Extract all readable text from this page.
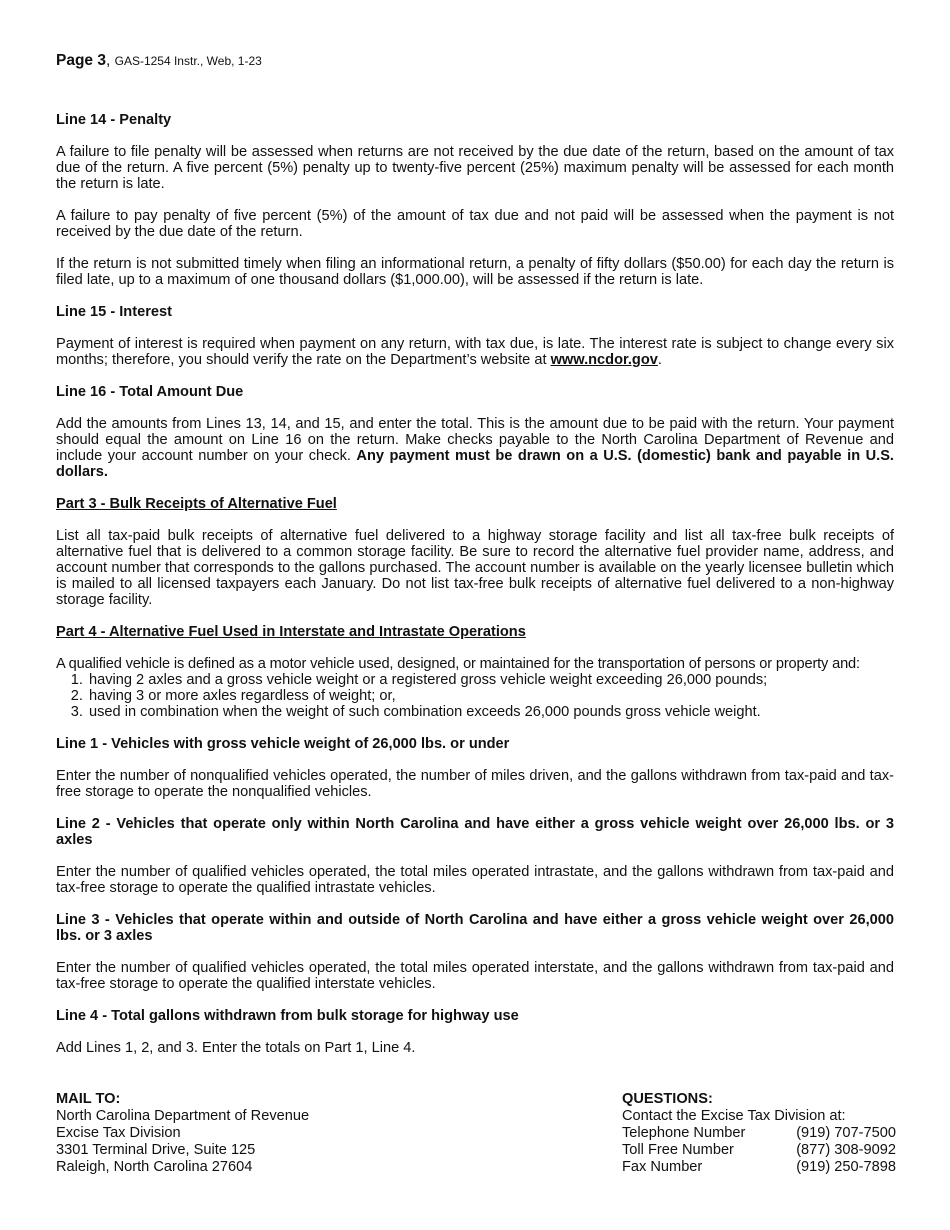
Page 3, GAS-1254 Instr., Web, 1-23
Line 14 - Penalty

A failure to file penalty will be assessed when returns are not received by the due date of the return, based on the amount of tax due of the return. A five percent (5%) penalty up to twenty-five percent (25%) maximum penalty will be assessed for each month the return is late.

A failure to pay penalty of five percent (5%) of the amount of tax due and not paid will be assessed when the payment is not received by the due date of the return.

If the return is not submitted timely when filing an informational return, a penalty of fifty dollars ($50.00) for each day the return is filed late, up to a maximum of one thousand dollars ($1,000.00), will be assessed if the return is late.

Line 15 - Interest

Payment of interest is required when payment on any return, with tax due, is late. The interest rate is subject to change every six months; therefore, you should verify the rate on the Department’s website at www.ncdor.gov.

Line 16 - Total Amount Due

Add the amounts from Lines 13, 14, and 15, and enter the total. This is the amount due to be paid with the return. Your payment should equal the amount on Line 16 on the return. Make checks payable to the North Carolina Department of Revenue and include your account number on your check. Any payment must be drawn on a U.S. (domestic) bank and payable in U.S. dollars.

Part 3 - Bulk Receipts of Alternative Fuel

List all tax-paid bulk receipts of alternative fuel delivered to a highway storage facility and list all tax-free bulk receipts of alternative fuel that is delivered to a common storage facility. Be sure to record the alternative fuel provider name, address, and account number that corresponds to the gallons purchased. The account number is available on the yearly licensee bulletin which is mailed to all licensed taxpayers each January. Do not list tax-free bulk receipts of alternative fuel delivered to a non-highway storage facility.

Part 4 - Alternative Fuel Used in Interstate and Intrastate Operations

A qualified vehicle is defined as a motor vehicle used, designed, or maintained for the transportation of persons or property and:

1. having 2 axles and a gross vehicle weight or a registered gross vehicle weight exceeding 26,000 pounds;
2. having 3 or more axles regardless of weight; or,
3. used in combination when the weight of such combination exceeds 26,000 pounds gross vehicle weight.
Line 1 - Vehicles with gross vehicle weight of 26,000 lbs. or under

Enter the number of nonqualified vehicles operated, the number of miles driven, and the gallons withdrawn from tax-paid and tax-free storage to operate the nonqualified vehicles.

Line 2 - Vehicles that operate only within North Carolina and have either a gross vehicle weight over 26,000 lbs. or 3 axles

Enter the number of qualified vehicles operated, the total miles operated intrastate, and the gallons withdrawn from tax-paid and tax-free storage to operate the qualified intrastate vehicles.

Line 3 - Vehicles that operate within and outside of North Carolina and have either a gross vehicle weight over 26,000 lbs. or 3 axles

Enter the number of qualified vehicles operated, the total miles operated interstate, and the gallons withdrawn from tax-paid and tax-free storage to operate the qualified interstate vehicles.

Line 4 - Total gallons withdrawn from bulk storage for highway use

Add Lines 1, 2, and 3. Enter the totals on Part 1, Line 4.

MAIL TO:
North Carolina Department of Revenue
Excise Tax Division
3301 Terminal Drive, Suite 125
Raleigh, North Carolina 27604
QUESTIONS:
Contact the Excise Tax Division at:
Telephone Number	(919) 707-7500
Toll Free Number	(877) 308-9092
Fax Number	(919) 250-7898
